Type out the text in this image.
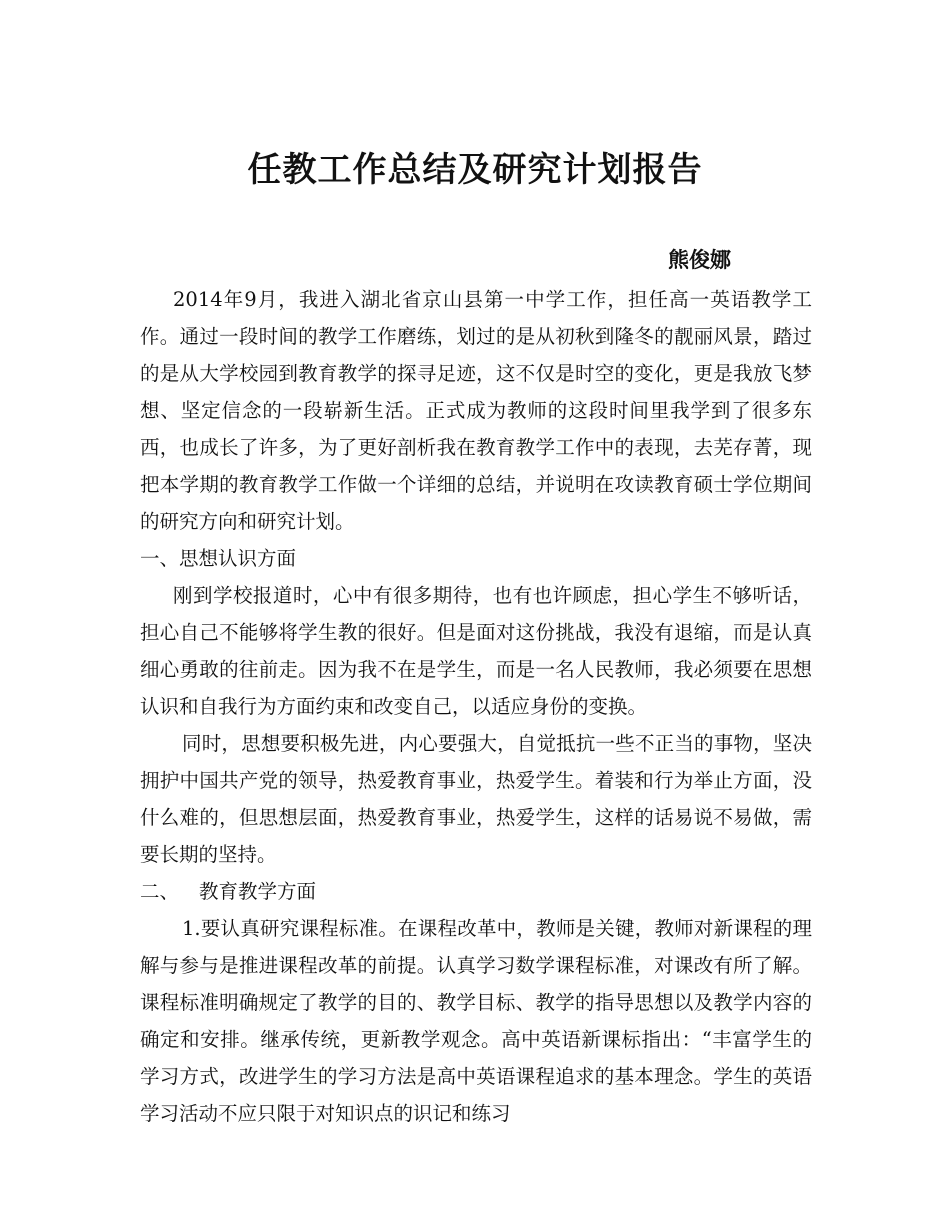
任教工作总结及研究计划报告
熊俊娜

2014年9月，我进入湖北省京山县第一中学工作，担任高一英语教学工作。通过一段时间的教学工作磨练，划过的是从初秋到隆冬的靓丽风景，踏过的是从大学校园到教育教学的探寻足迹，这不仅是时空的变化，更是我放飞梦想、坚定信念的一段崭新生活。正式成为教师的这段时间里我学到了很多东西，也成长了许多，为了更好剖析我在教育教学工作中的表现，去芜存菁，现把本学期的教育教学工作做一个详细的总结，并说明在攻读教育硕士学位期间的研究方向和研究计划。

一、思想认识方面

刚到学校报道时，心中有很多期待，也有也许顾虑，担心学生不够听话，担心自己不能够将学生教的很好。但是面对这份挑战，我没有退缩，而是认真细心勇敢的往前走。因为我不在是学生，而是一名人民教师，我必须要在思想认识和自我行为方面约束和改变自己，以适应身份的变换。

同时，思想要积极先进，内心要强大，自觉抵抗一些不正当的事物，坚决拥护中国共产党的领导，热爱教育事业，热爱学生。着装和行为举止方面，没什么难的，但思想层面，热爱教育事业，热爱学生，这样的话易说不易做，需要长期的坚持。

二、 教育教学方面

1.要认真研究课程标准。在课程改革中，教师是关键，教师对新课程的理解与参与是推进课程改革的前提。认真学习数学课程标准，对课改有所了解。课程标准明确规定了教学的目的、教学目标、教学的指导思想以及教学内容的确定和安排。继承传统，更新教学观念。高中英语新课标指出：“丰富学生的学习方式，改进学生的学习方法是高中英语课程追求的基本理念。学生的英语学习活动不应只限于对知识点的识记和练习
